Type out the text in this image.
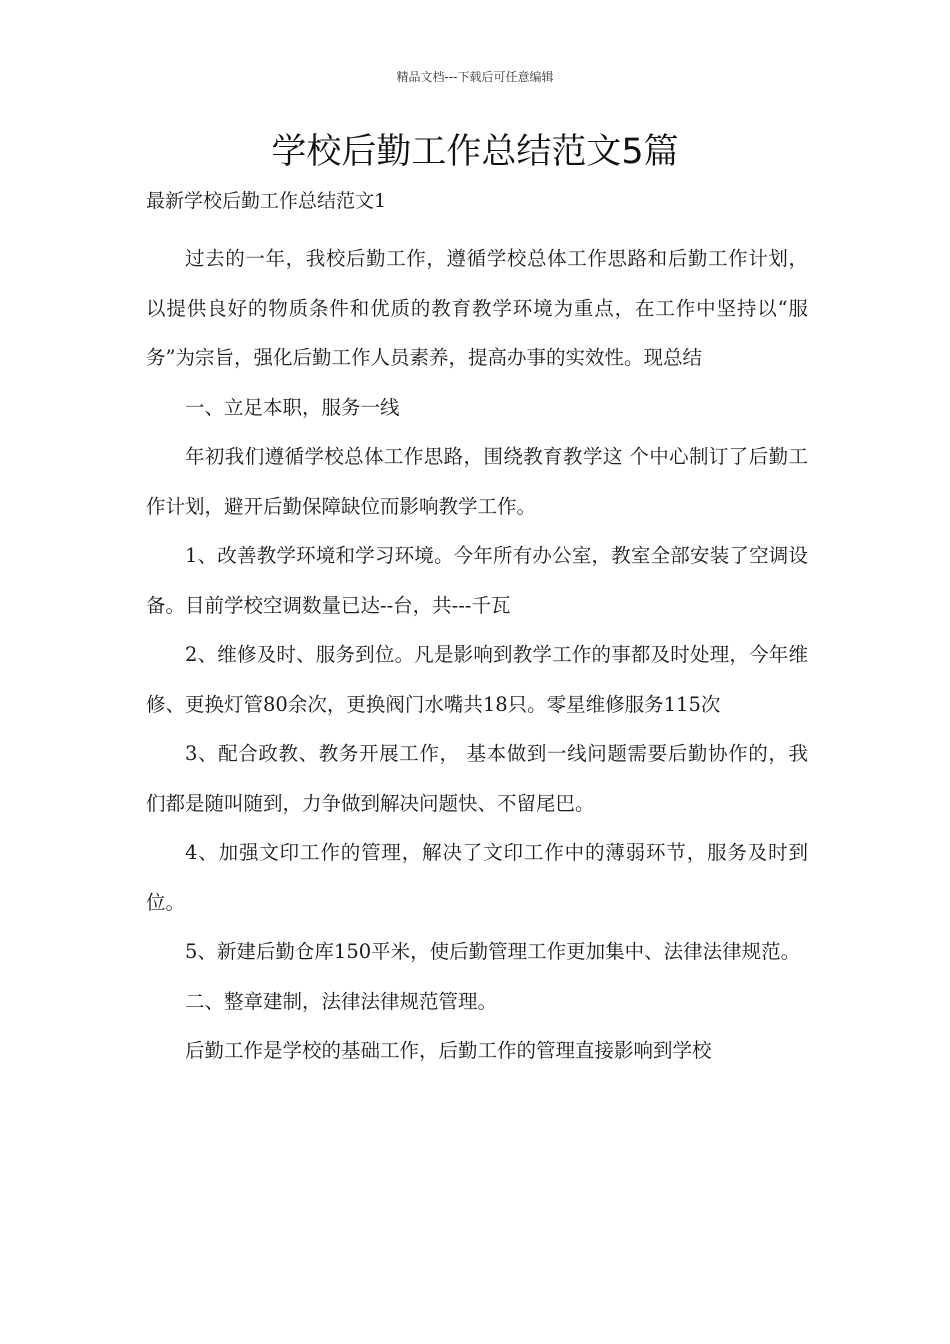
精品文档---下载后可任意编辑
学校后勤工作总结范文5篇
最新学校后勤工作总结范文1

过去的一年，我校后勤工作，遵循学校总体工作思路和后勤工作计划，以提供良好的物质条件和优质的教育教学环境为重点，在工作中坚持以“服务”为宗旨，强化后勤工作人员素养，提高办事的实效性。现总结

一、立足本职，服务一线

年初我们遵循学校总体工作思路，围绕教育教学这 个中心制订了后勤工作计划，避开后勤保障缺位而影响教学工作。

1、改善教学环境和学习环境。今年所有办公室，教室全部安装了空调设备。目前学校空调数量已达--台，共---千瓦

2、维修及时、服务到位。凡是影响到教学工作的事都及时处理，今年维修、更换灯管80余次，更换阀门水嘴共18只。零星维修服务115次

3、配合政教、教务开展工作， 基本做到一线问题需要后勤协作的，我们都是随叫随到，力争做到解决问题快、不留尾巴。

4、加强文印工作的管理，解决了文印工作中的薄弱环节，服务及时到位。

5、新建后勤仓库150平米，使后勤管理工作更加集中、法律法律规范。

二、整章建制，法律法律规范管理。

后勤工作是学校的基础工作，后勤工作的管理直接影响到学校
